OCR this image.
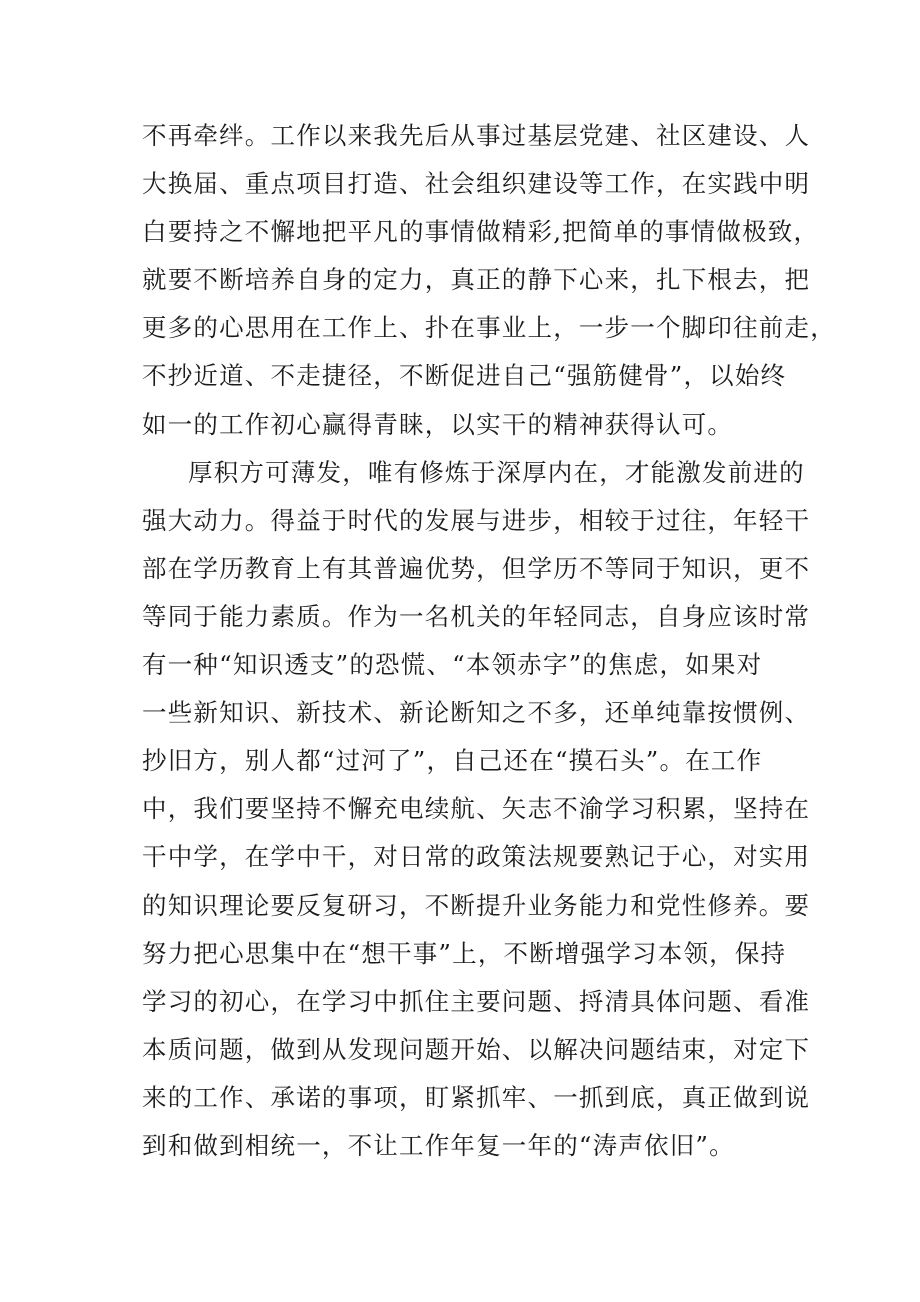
不再牵绊。工作以来我先后从事过基层党建、社区建设、人
大换届、重点项目打造、社会组织建设等工作，在实践中明
白要持之不懈地把平凡的事情做精彩,把简单的事情做极致，
就要不断培养自身的定力，真正的静下心来，扎下根去，把
更多的心思用在工作上、扑在事业上，一步一个脚印往前走，
不抄近道、不走捷径，不断促进自己“强筋健骨”，以始终
如一的工作初心赢得青睐，以实干的精神获得认可。
厚积方可薄发，唯有修炼于深厚内在，才能激发前进的
强大动力。得益于时代的发展与进步，相较于过往，年轻干
部在学历教育上有其普遍优势，但学历不等同于知识，更不
等同于能力素质。作为一名机关的年轻同志，自身应该时常
有一种“知识透支”的恐慌、“本领赤字”的焦虑，如果对
一些新知识、新技术、新论断知之不多，还单纯靠按惯例、
抄旧方，别人都“过河了”，自己还在“摸石头”。在工作
中，我们要坚持不懈充电续航、矢志不渝学习积累，坚持在
干中学，在学中干，对日常的政策法规要熟记于心，对实用
的知识理论要反复研习，不断提升业务能力和党性修养。要
努力把心思集中在“想干事”上，不断增强学习本领，保持
学习的初心，在学习中抓住主要问题、捋清具体问题、看准
本质问题，做到从发现问题开始、以解决问题结束，对定下
来的工作、承诺的事项，盯紧抓牢、一抓到底，真正做到说
到和做到相统一，不让工作年复一年的“涛声依旧”。
